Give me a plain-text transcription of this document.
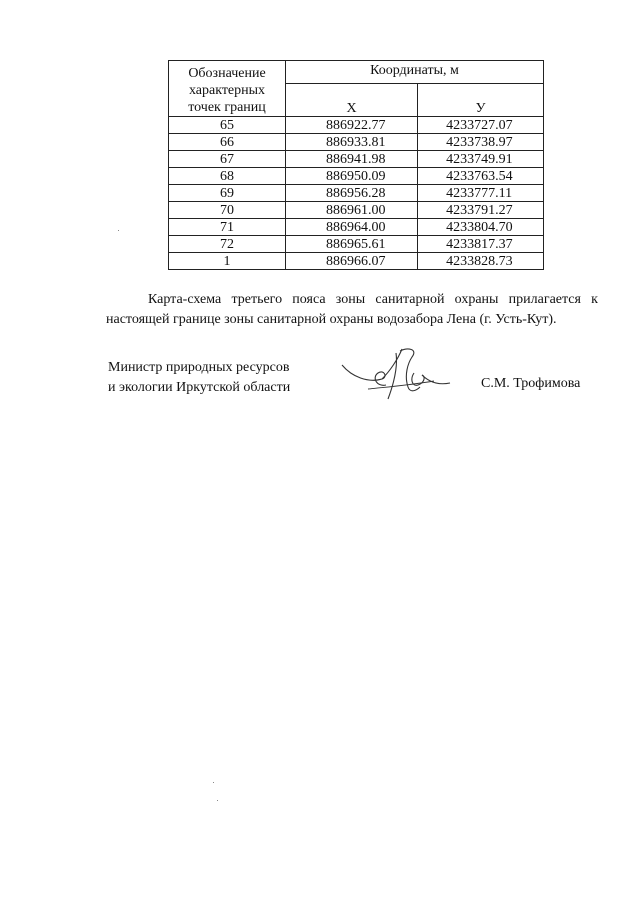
Обозначение
характерных
точек границ	Координаты, м	
	X	У
65	886922.77	4233727.07
66	886933.81	4233738.97
67	886941.98	4233749.91
68	886950.09	4233763.54
69	886956.28	4233777.11
70	886961.00	4233791.27
71	886964.00	4233804.70
72	886965.61	4233817.37
1	886966.07	4233828.73

Карта-схема третьего пояса зоны санитарной охраны прилагается к настоящей границе зоны санитарной охраны водозабора Лена (г. Усть-Кут).

Министр природных ресурсов
и экологии Иркутской области	С.М. Трофимова
